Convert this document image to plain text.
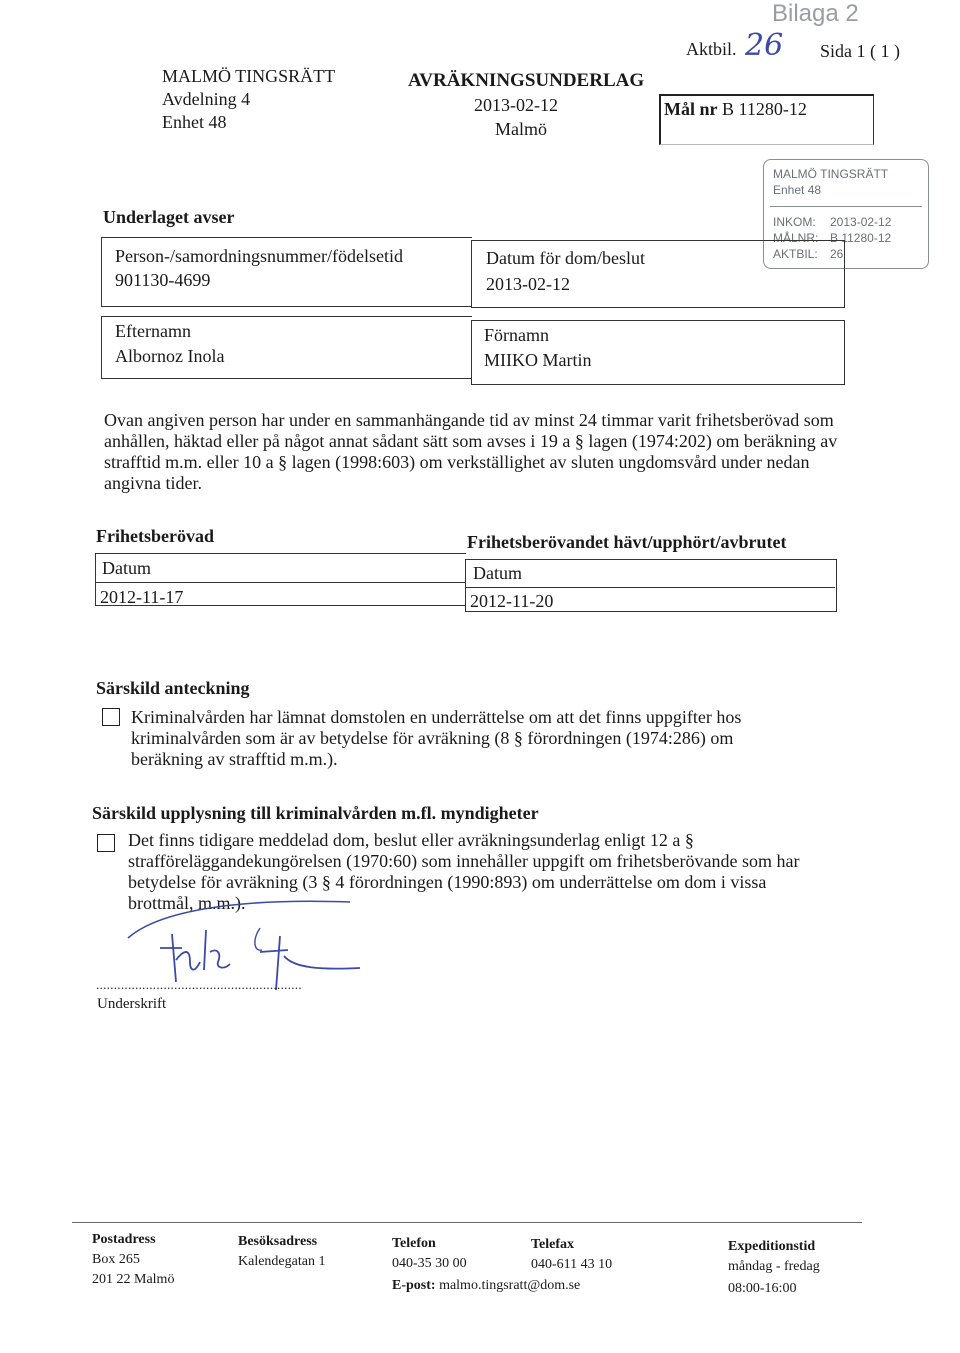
Bilaga 2
Aktbil. 26 Sida 1 ( 1 )
MALMÖ TINGSRÄTT
Avdelning 4
Enhet 48
AVRÄKNINGSUNDERLAG
2013-02-12
Malmö
Mål nr B 11280-12
MALMÖ TINGSRÄTT
Enhet 48
INKOM: 2013-02-12
MÅLNR: B 11280-12
AKTBIL: 26
Underlaget avser
Person-/samordningsnummer/födelsetid
901130-4699
Datum för dom/beslut
2013-02-12
Efternamn
Albornoz Inola
Förnamn
MIIKO Martin
Ovan angiven person har under en sammanhängande tid av minst 24 timmar varit frihetsberövad som
anhållen, häktad eller på något annat sådant sätt som avses i 19 a § lagen (1974:202) om beräkning av
strafftid m.m. eller 10 a § lagen (1998:603) om verkställighet av sluten ungdomsvård under nedan
angivna tider.
Frihetsberövad	Frihetsberövandet hävt/upphört/avbrutet
Datum
2012-11-17
Datum
2012-11-20
Särskild anteckning
Kriminalvården har lämnat domstolen en underrättelse om att det finns uppgifter hos
kriminalvården som är av betydelse för avräkning (8 § förordningen (1974:286) om
beräkning av strafftid m.m.).
Särskild upplysning till kriminalvården m.fl. myndigheter
Det finns tidigare meddelad dom, beslut eller avräkningsunderlag enligt 12 a §
strafföreläggandekungörelsen (1970:60) som innehåller uppgift om frihetsberövande som har
betydelse för avräkning (3 § 4 förordningen (1990:893) om underrättelse om dom i vissa
brottmål, m.m.).
..........................................................
Underskrift
Postadress
Box 265
201 22 Malmö
Besöksadress
Kalendegatan 1
Telefon
040-35 30 00
Telefax
040-611 43 10
E-post: malmo.tingsratt@dom.se
Expeditionstid
måndag - fredag
08:00-16:00
